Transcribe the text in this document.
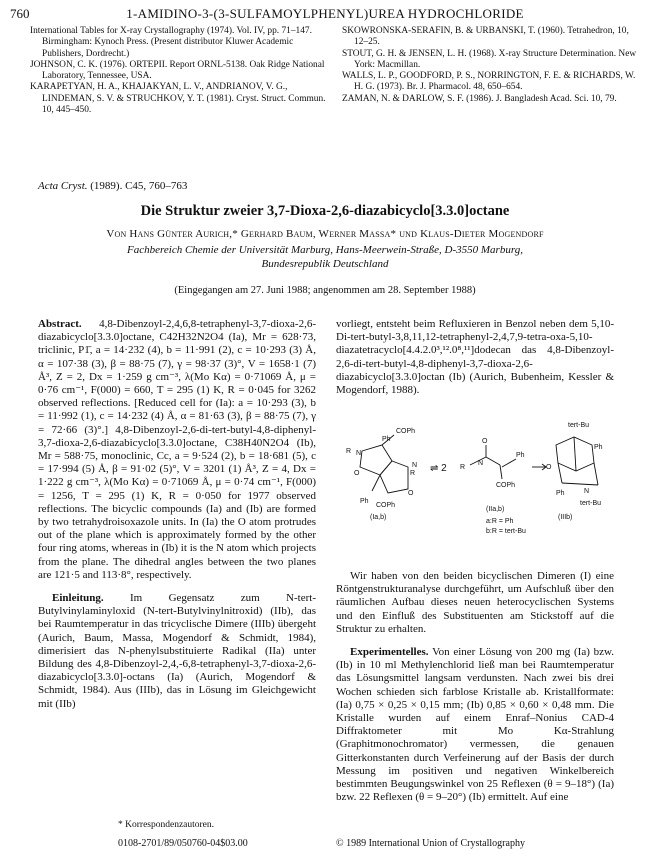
1-AMIDINO-3-(3-SULFAMOYLPHENYL)UREA HYDROCHLORIDE
760

International Tables for X-ray Crystallography (1974). Vol. IV, pp. 71–147. Birmingham: Kynoch Press. (Present distributor Kluwer Academic Publishers, Dordrecht.)

JOHNSON, C. K. (1976). ORTEPII. Report ORNL-5138. Oak Ridge National Laboratory, Tennessee, USA.

KARAPETYAN, H. A., KHAJAKYAN, L. V., ANDRIANOV, V. G., LINDEMAN, S. V. & STRUCHKOV, Y. T. (1981). Cryst. Struct. Commun. 10, 445–450.

SKOWRONSKA-SERAFIN, B. & URBANSKI, T. (1960). Tetrahedron, 10, 12–25.

STOUT, G. H. & JENSEN, L. H. (1968). X-ray Structure Determination. New York: Macmillan.

WALLS, L. P., GOODFORD, P. S., NORRINGTON, F. E. & RICHARDS, W. H. G. (1973). Br. J. Pharmacol. 48, 650–654.

ZAMAN, N. & DARLOW, S. F. (1986). J. Bangladesh Acad. Sci. 10, 79.

Acta Cryst. (1989). C45, 760–763
Die Struktur zweier 3,7-Dioxa-2,6-diazabicyclo[3.3.0]octane
Von Hans Günter Aurich,* Gerhard Baum, Werner Massa* und Klaus-Dieter Mogendorf
Fachbereich Chemie der Universität Marburg, Hans-Meerwein-Straße, D-3550 Marburg,
Bundesrepublik Deutschland
(Eingegangen am 27. Juni 1988; angenommen am 28. September 1988)

Abstract. 4,8-Dibenzoyl-2,4,6,8-tetraphenyl-3,7-dioxa-2,6-diazabicyclo[3.3.0]octane, C42H32N2O4 (Ia), Mr = 628·73, triclinic, P1̄, a = 14·232 (4), b = 11·991 (2), c = 10·293 (3) Å, α = 107·38 (3), β = 88·75 (7), γ = 98·37 (3)°, V = 1658·1 (7) Å³, Z = 2, Dx = 1·259 g cm⁻³, λ(Mo Kα) = 0·71069 Å, μ = 0·76 cm⁻¹, F(000) = 660, T = 295 (1) K, R = 0·045 for 3262 observed reflections. [Reduced cell for (Ia): a = 10·293 (3), b = 11·992 (1), c = 14·232 (4) Å, α = 81·63 (3), β = 88·75 (7), γ = 72·66 (3)°.] 4,8-Dibenzoyl-2,6-di-tert-butyl-4,8-diphenyl-3,7-dioxa-2,6-diazabicyclo[3.3.0]octane, C38H40N2O4 (Ib), Mr = 588·75, monoclinic, Cc, a = 9·524 (2), b = 18·681 (5), c = 17·994 (5) Å, β = 91·02 (5)°, V = 3201 (1) Å³, Z = 4, Dx = 1·222 g cm⁻³, λ(Mo Kα) = 0·71069 Å, μ = 0·74 cm⁻¹, F(000) = 1256, T = 295 (1) K, R = 0·050 for 1977 observed reflections. The bicyclic compounds (Ia) and (Ib) are formed by two tetrahydroisoxazole units. In (Ia) the O atom protrudes out of the plane which is approximately formed by the other four ring atoms, whereas in (Ib) it is the N atom which projects from the plane. The dihedral angles between the two planes are 121·5 and 113·8°, respectively.

Einleitung. Im Gegensatz zum N-tert-Butylvinylaminyloxid (N-tert-Butylvinylnitroxid) (IIb), das bei Raumtemperatur in das tricyclische Dimere (IIIb) übergeht (Aurich, Baum, Massa, Mogendorf & Schmidt, 1984), dimerisiert das N-phenylsubstituierte Radikal (IIa) unter Bildung des 4,8-Dibenzoyl-2,4,-6,8-tetraphenyl-3,7-dioxa-2,6-diazabicyclo[3.3.0]-octans (Ia) (Aurich, Mogendorf & Schmidt, 1984). Aus (IIIb), das in Lösung im Gleichgewicht mit (IIb)

vorliegt, entsteht beim Refluxieren in Benzol neben dem 5,10-Di-tert-butyl-3,8,11,12-tetraphenyl-2,4,7,9-tetra-oxa-5,10-diazatetracyclo[4.4.2.0³,¹².0⁸,¹¹]dodecan das 4,8-Dibenzoyl-2,6-di-tert-butyl-4,8-diphenyl-3,7-dioxa-2,6-diazabicyclo[3.3.0]octan (Ib) (Aurich, Bubenheim, Kessler & Mogendorf, 1988).

R N
Ph
COPh
O
O
Ph
COPh
R
N
(Ia,b)
⇌ 2 R
O
N
Ph
COPh
(IIa,b)
a:R = Ph
b:R = tert-Bu
tert-Bu
Ph
O
Ph	N
tert-Bu
(IIIb)

Wir haben von den beiden bicyclischen Dimeren (I) eine Röntgenstrukturanalyse durchgeführt, um Aufschluß über den räumlichen Aufbau dieses neuen heterocyclischen Systems und den Einfluß des Substituenten am Stickstoff auf die Struktur zu erhalten.

Experimentelles. Von einer Lösung von 200 mg (Ia) bzw. (Ib) in 10 ml Methylenchlorid ließ man bei Raumtemperatur das Lösungsmittel langsam verdunsten. Nach zwei bis drei Wochen schieden sich farblose Kristalle ab. Kristallformate: (Ia) 0,75 × 0,25 × 0,15 mm; (Ib) 0,85 × 0,60 × 0,48 mm. Die Kristalle wurden auf einem Enraf–Nonius CAD-4 Diffraktometer mit Mo Kα-Strahlung (Graphitmonochromator) vermessen, die genauen Gitterkonstanten durch Verfeinerung auf der Basis der durch Messung im positiven und negativen Winkelbereich bestimmten Beugungswinkel von 25 Reflexen (θ = 9–18°) (Ia) bzw. 22 Reflexen (θ = 9–20°) (Ib) ermittelt. Auf eine

* Korrespondenzautoren.
0108-2701/89/050760-04$03.00	© 1989 International Union of Crystallography
